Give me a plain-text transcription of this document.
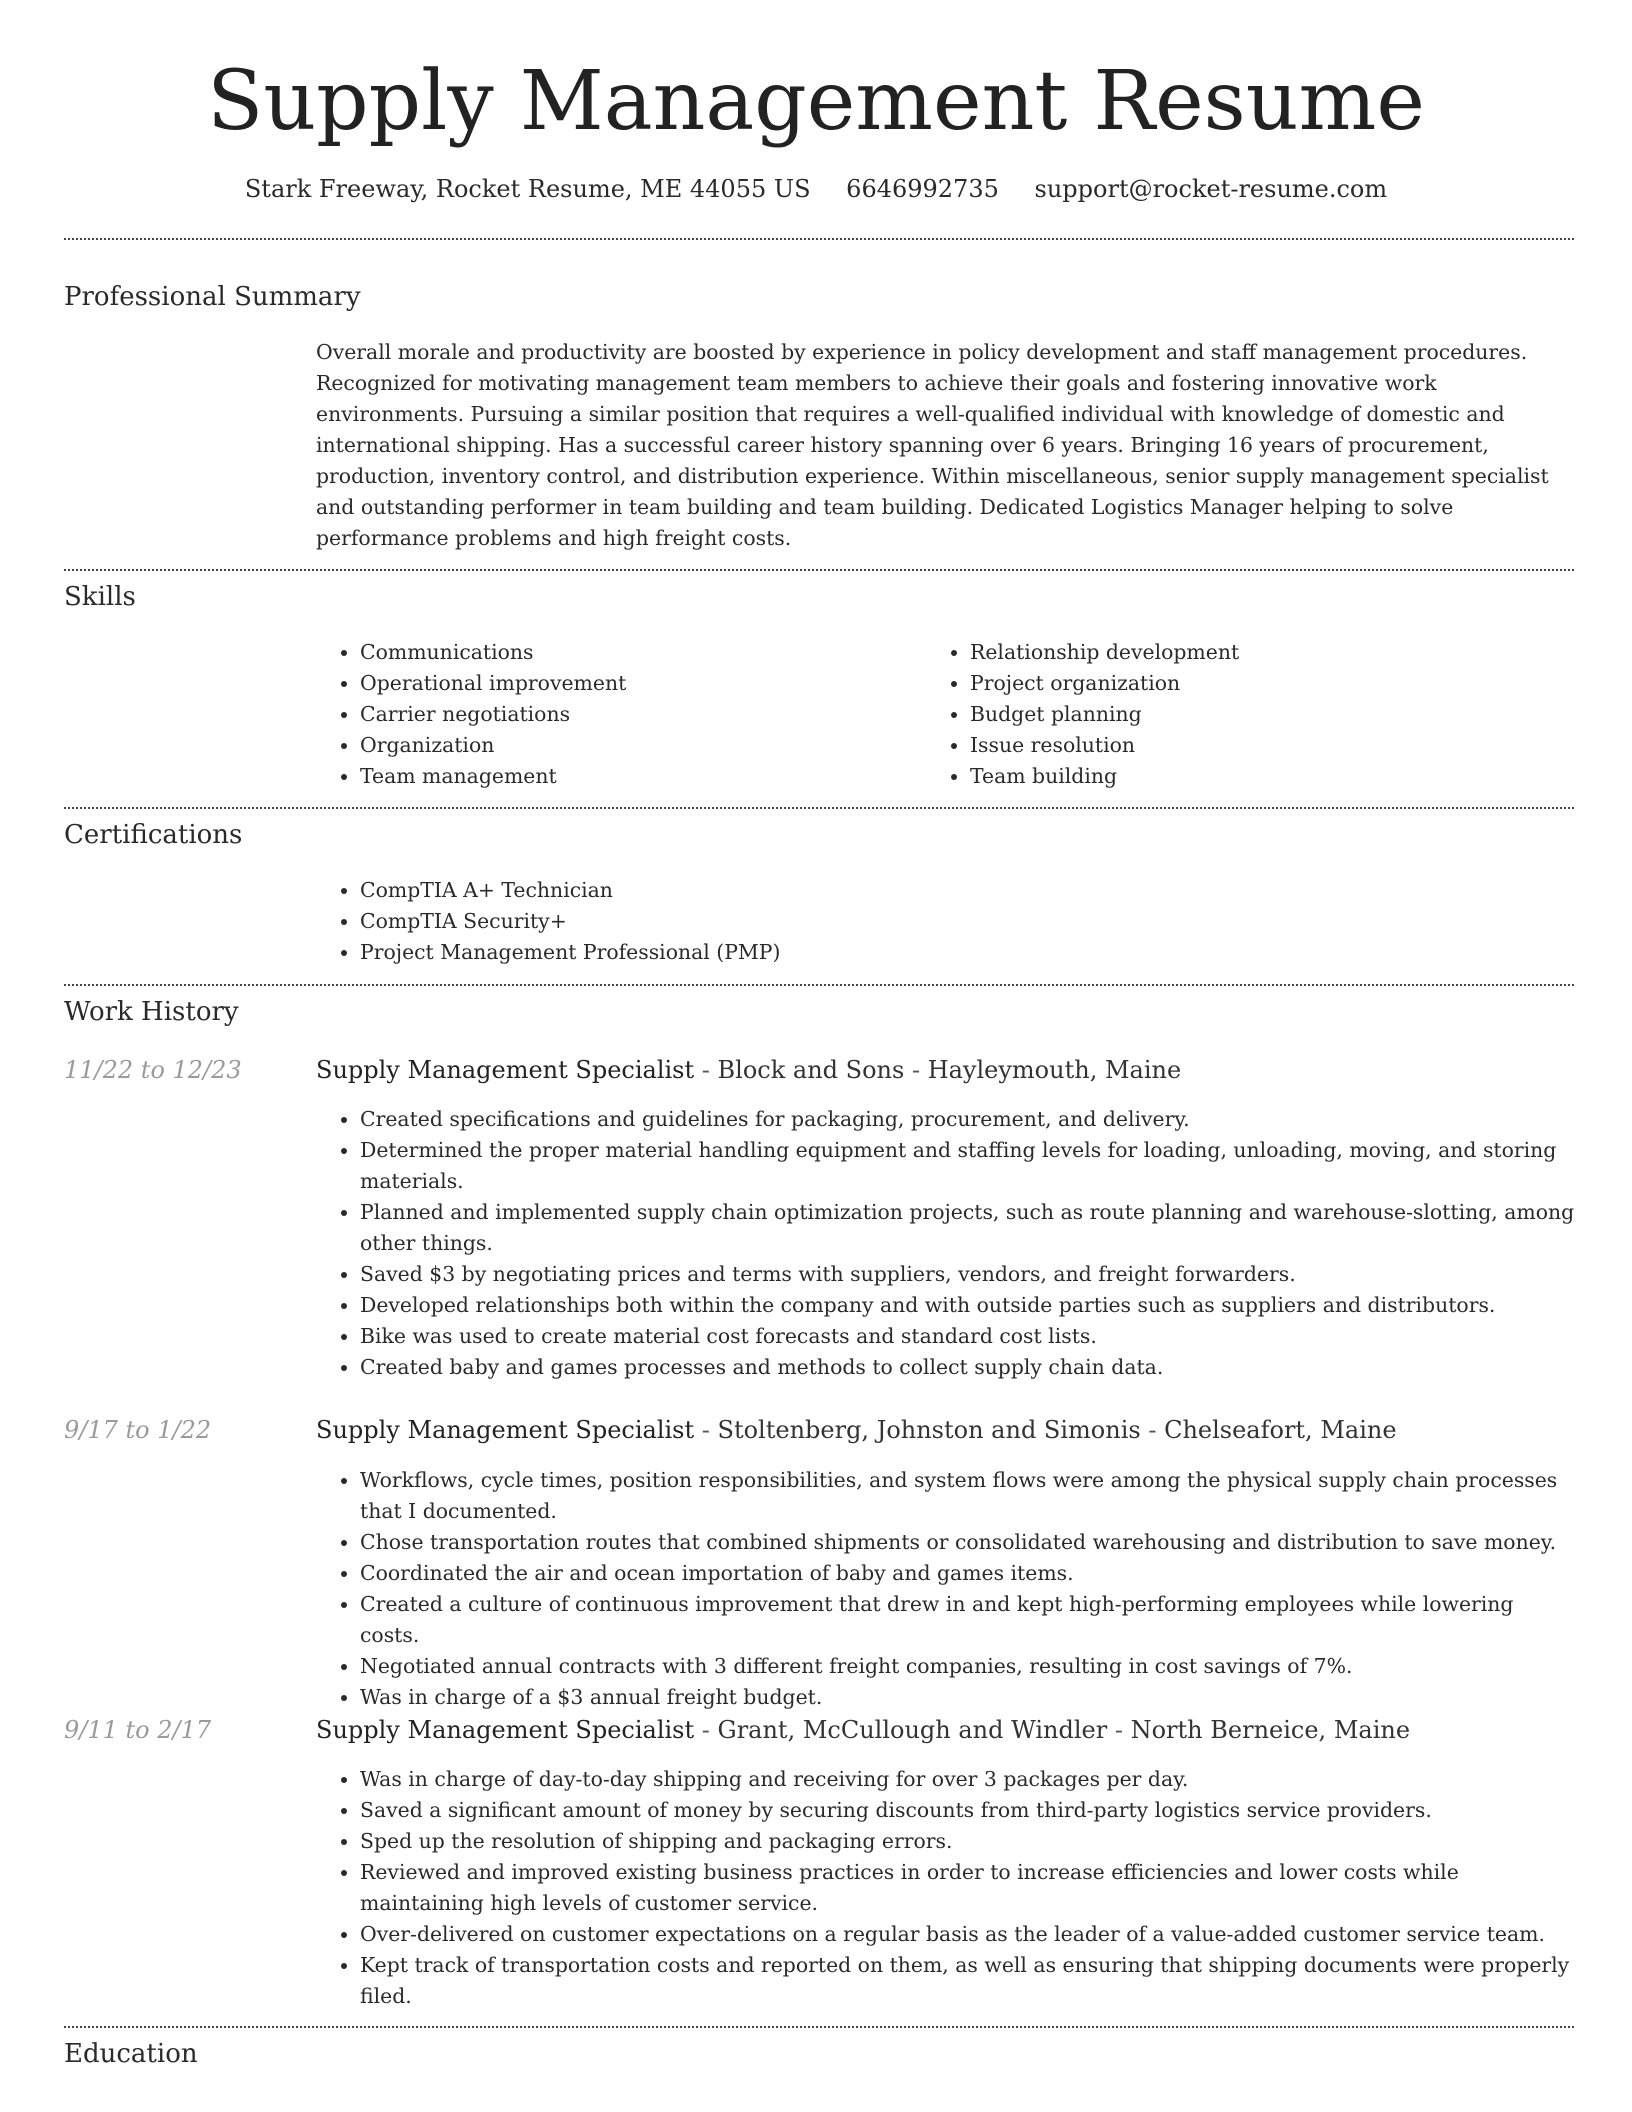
Supply Management Resume
Stark Freeway, Rocket Resume, ME 44055 US 6646992735 support@rocket-resume.com
Professional Summary
Overall morale and productivity are boosted by experience in policy development and staff management procedures. Recognized for motivating management team members to achieve their goals and fostering innovative work environments. Pursuing a similar position that requires a well-qualified individual with knowledge of domestic and international shipping. Has a successful career history spanning over 6 years. Bringing 16 years of procurement, production, inventory control, and distribution experience. Within miscellaneous, senior supply management specialist and outstanding performer in team building and team building. Dedicated Logistics Manager helping to solve performance problems and high freight costs.
Skills
• Communications
• Operational improvement
• Carrier negotiations
• Organization
• Team management
• Relationship development
• Project organization
• Budget planning
• Issue resolution
• Team building
Certifications
• CompTIA A+ Technician
• CompTIA Security+
• Project Management Professional (PMP)
Work History
11/22 to 12/23	Supply Management Specialist - Block and Sons - Hayleymouth, Maine
• Created specifications and guidelines for packaging, procurement, and delivery.
• Determined the proper material handling equipment and staffing levels for loading, unloading, moving, and storing materials.
• Planned and implemented supply chain optimization projects, such as route planning and warehouse-slotting, among other things.
• Saved $3 by negotiating prices and terms with suppliers, vendors, and freight forwarders.
• Developed relationships both within the company and with outside parties such as suppliers and distributors.
• Bike was used to create material cost forecasts and standard cost lists.
• Created baby and games processes and methods to collect supply chain data.
9/17 to 1/22	Supply Management Specialist - Stoltenberg, Johnston and Simonis - Chelseafort, Maine
• Workflows, cycle times, position responsibilities, and system flows were among the physical supply chain processes that I documented.
• Chose transportation routes that combined shipments or consolidated warehousing and distribution to save money.
• Coordinated the air and ocean importation of baby and games items.
• Created a culture of continuous improvement that drew in and kept high-performing employees while lowering costs.
• Negotiated annual contracts with 3 different freight companies, resulting in cost savings of 7%.
• Was in charge of a $3 annual freight budget.
9/11 to 2/17	Supply Management Specialist - Grant, McCullough and Windler - North Berneice, Maine
• Was in charge of day-to-day shipping and receiving for over 3 packages per day.
• Saved a significant amount of money by securing discounts from third-party logistics service providers.
• Sped up the resolution of shipping and packaging errors.
• Reviewed and improved existing business practices in order to increase efficiencies and lower costs while maintaining high levels of customer service.
• Over-delivered on customer expectations on a regular basis as the leader of a value-added customer service team.
• Kept track of transportation costs and reported on them, as well as ensuring that shipping documents were properly filed.
Education
